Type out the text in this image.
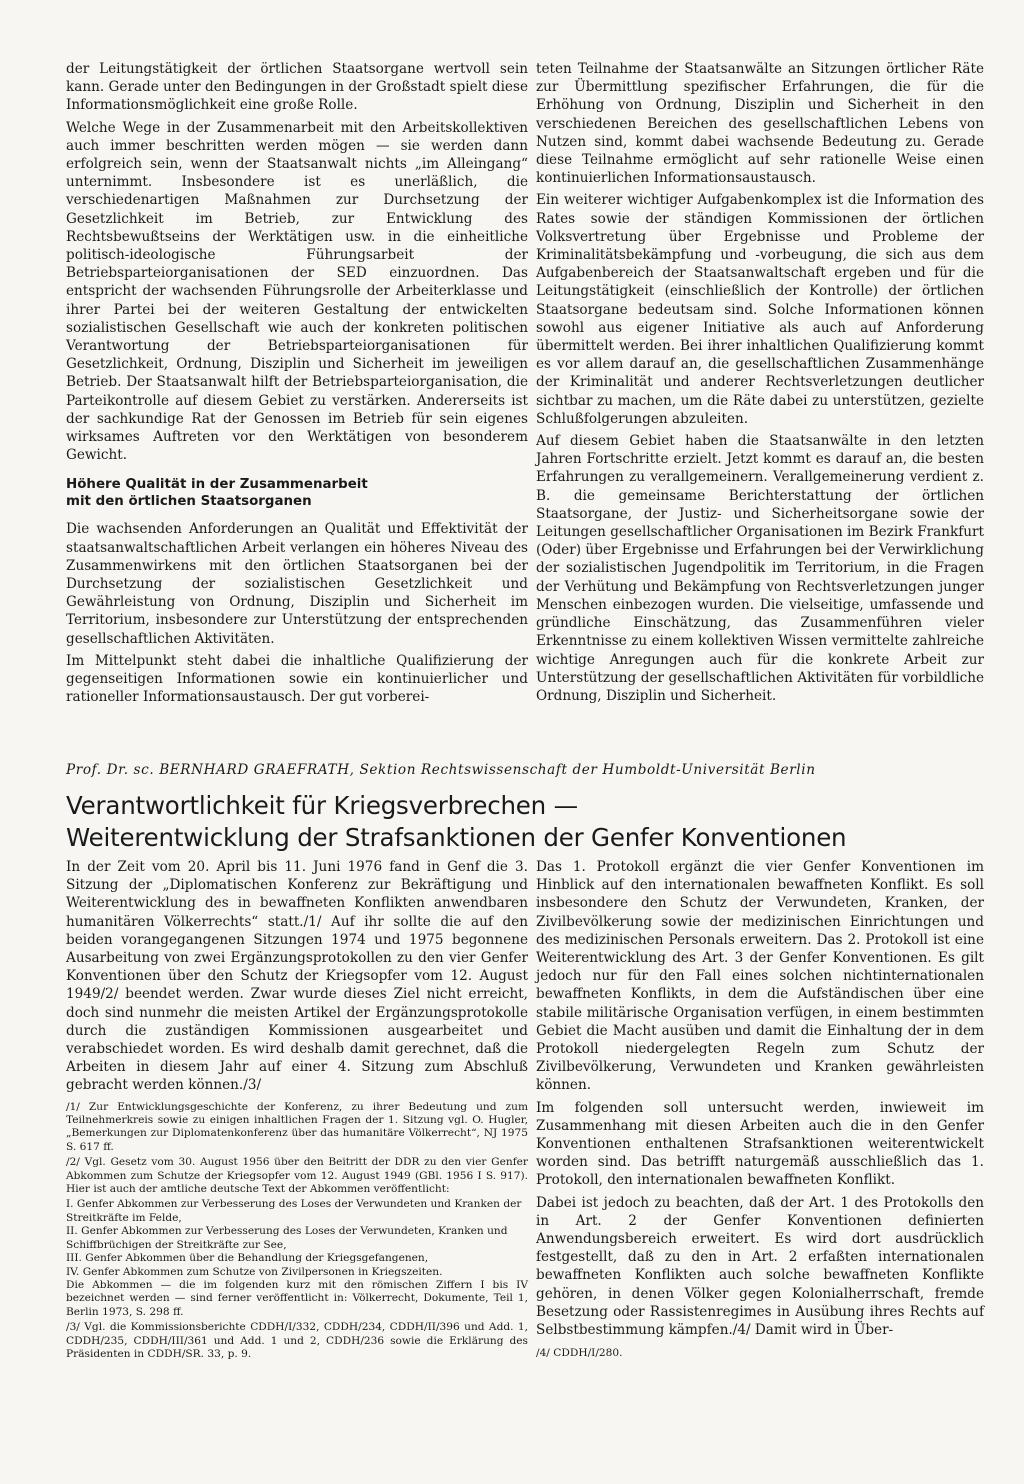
der Leitungstätigkeit der örtlichen Staatsorgane wertvoll sein kann. Gerade unter den Bedingungen in der Großstadt spielt diese Informationsmöglichkeit eine große Rolle.

Welche Wege in der Zusammenarbeit mit den Arbeitskollektiven auch immer beschritten werden mögen — sie werden dann erfolgreich sein, wenn der Staatsanwalt nichts „im Alleingang“ unternimmt. Insbesondere ist es unerläßlich, die verschiedenartigen Maßnahmen zur Durchsetzung der Gesetzlichkeit im Betrieb, zur Entwicklung des Rechtsbewußtseins der Werktätigen usw. in die einheitliche politisch-ideologische Führungsarbeit der Betriebsparteiorganisationen der SED einzuordnen. Das entspricht der wachsenden Führungsrolle der Arbeiterklasse und ihrer Partei bei der weiteren Gestaltung der entwickelten sozialistischen Gesellschaft wie auch der konkreten politischen Verantwortung der Betriebsparteiorganisationen für Gesetzlichkeit, Ordnung, Disziplin und Sicherheit im jeweiligen Betrieb. Der Staatsanwalt hilft der Betriebsparteiorganisation, die Parteikontrolle auf diesem Gebiet zu verstärken. Andererseits ist der sachkundige Rat der Genossen im Betrieb für sein eigenes wirksames Auftreten vor den Werktätigen von besonderem Gewicht.

Höhere Qualität in der Zusammenarbeit
mit den örtlichen Staatsorganen

Die wachsenden Anforderungen an Qualität und Effektivität der staatsanwaltschaftlichen Arbeit verlangen ein höheres Niveau des Zusammenwirkens mit den örtlichen Staatsorganen bei der Durchsetzung der sozialistischen Gesetzlichkeit und Gewährleistung von Ordnung, Disziplin und Sicherheit im Territorium, insbesondere zur Unterstützung der entsprechenden gesellschaftlichen Aktivitäten.

Im Mittelpunkt steht dabei die inhaltliche Qualifizierung der gegenseitigen Informationen sowie ein kontinuierlicher und rationeller Informationsaustausch. Der gut vorberei-

teten Teilnahme der Staatsanwälte an Sitzungen örtlicher Räte zur Übermittlung spezifischer Erfahrungen, die für die Erhöhung von Ordnung, Disziplin und Sicherheit in den verschiedenen Bereichen des gesellschaftlichen Lebens von Nutzen sind, kommt dabei wachsende Bedeutung zu. Gerade diese Teilnahme ermöglicht auf sehr rationelle Weise einen kontinuierlichen Informationsaustausch.

Ein weiterer wichtiger Aufgabenkomplex ist die Information des Rates sowie der ständigen Kommissionen der örtlichen Volksvertretung über Ergebnisse und Probleme der Kriminalitätsbekämpfung und -vorbeugung, die sich aus dem Aufgabenbereich der Staatsanwaltschaft ergeben und für die Leitungstätigkeit (einschließlich der Kontrolle) der örtlichen Staatsorgane bedeutsam sind. Solche Informationen können sowohl aus eigener Initiative als auch auf Anforderung übermittelt werden. Bei ihrer inhaltlichen Qualifizierung kommt es vor allem darauf an, die gesellschaftlichen Zusammenhänge der Kriminalität und anderer Rechtsverletzungen deutlicher sichtbar zu machen, um die Räte dabei zu unterstützen, gezielte Schlußfolgerungen abzuleiten.

Auf diesem Gebiet haben die Staatsanwälte in den letzten Jahren Fortschritte erzielt. Jetzt kommt es darauf an, die besten Erfahrungen zu verallgemeinern. Verallgemeinerung verdient z. B. die gemeinsame Berichterstattung der örtlichen Staatsorgane, der Justiz- und Sicherheitsorgane sowie der Leitungen gesellschaftlicher Organisationen im Bezirk Frankfurt (Oder) über Ergebnisse und Erfahrungen bei der Verwirklichung der sozialistischen Jugendpolitik im Territorium, in die Fragen der Verhütung und Bekämpfung von Rechtsverletzungen junger Menschen einbezogen wurden. Die vielseitige, umfassende und gründliche Einschätzung, das Zusammenführen vieler Erkenntnisse zu einem kollektiven Wissen vermittelte zahlreiche wichtige Anregungen auch für die konkrete Arbeit zur Unterstützung der gesellschaftlichen Aktivitäten für vorbildliche Ordnung, Disziplin und Sicherheit.

Prof. Dr. sc. BERNHARD GRAEFRATH, Sektion Rechtswissenschaft der Humboldt-Universität Berlin
Verantwortlichkeit für Kriegsverbrechen —
Weiterentwicklung der Strafsanktionen der Genfer Konventionen

In der Zeit vom 20. April bis 11. Juni 1976 fand in Genf die 3. Sitzung der „Diplomatischen Konferenz zur Bekräftigung und Weiterentwicklung des in bewaffneten Konflikten anwendbaren humanitären Völkerrechts“ statt./1/ Auf ihr sollte die auf den beiden vorangegangenen Sitzungen 1974 und 1975 begonnene Ausarbeitung von zwei Ergänzungsprotokollen zu den vier Genfer Konventionen über den Schutz der Kriegsopfer vom 12. August 1949/2/ beendet werden. Zwar wurde dieses Ziel nicht erreicht, doch sind nunmehr die meisten Artikel der Ergänzungsprotokolle durch die zuständigen Kommissionen ausgearbeitet und verabschiedet worden. Es wird deshalb damit gerechnet, daß die Arbeiten in diesem Jahr auf einer 4. Sitzung zum Abschluß gebracht werden können./3/

/1/ Zur Entwicklungsgeschichte der Konferenz, zu ihrer Bedeutung und zum Teilnehmerkreis sowie zu einigen inhaltlichen Fragen der 1. Sitzung vgl. O. Hugler, „Bemerkungen zur Diplomatenkonferenz über das humanitäre Völkerrecht“, NJ 1975 S. 617 ff.

/2/ Vgl. Gesetz vom 30. August 1956 über den Beitritt der DDR zu den vier Genfer Abkommen zum Schutze der Kriegsopfer vom 12. August 1949 (GBl. 1956 I S. 917). Hier ist auch der amtliche deutsche Text der Abkommen veröffentlicht:

I. Genfer Abkommen zur Verbesserung des Loses der Verwundeten und Kranken der Streitkräfte im Felde,
II. Genfer Abkommen zur Verbesserung des Loses der Verwundeten, Kranken und Schiffbrüchigen der Streitkräfte zur See,
III. Genfer Abkommen über die Behandlung der Kriegsgefangenen,
IV. Genfer Abkommen zum Schutze von Zivilpersonen in Kriegszeiten.

Die Abkommen — die im folgenden kurz mit den römischen Ziffern I bis IV bezeichnet werden — sind ferner veröffentlicht in: Völkerrecht, Dokumente, Teil 1, Berlin 1973, S. 298 ff.

/3/ Vgl. die Kommissionsberichte CDDH/I/332, CDDH/234, CDDH/II/396 und Add. 1, CDDH/235, CDDH/III/361 und Add. 1 und 2, CDDH/236 sowie die Erklärung des Präsidenten in CDDH/SR. 33, p. 9.

Das 1. Protokoll ergänzt die vier Genfer Konventionen im Hinblick auf den internationalen bewaffneten Konflikt. Es soll insbesondere den Schutz der Verwundeten, Kranken, der Zivilbevölkerung sowie der medizinischen Einrichtungen und des medizinischen Personals erweitern. Das 2. Protokoll ist eine Weiterentwicklung des Art. 3 der Genfer Konventionen. Es gilt jedoch nur für den Fall eines solchen nichtinternationalen bewaffneten Konflikts, in dem die Aufständischen über eine stabile militärische Organisation verfügen, in einem bestimmten Gebiet die Macht ausüben und damit die Einhaltung der in dem Protokoll niedergelegten Regeln zum Schutz der Zivilbevölkerung, Verwundeten und Kranken gewährleisten können.

Im folgenden soll untersucht werden, inwieweit im Zusammenhang mit diesen Arbeiten auch die in den Genfer Konventionen enthaltenen Strafsanktionen weiterentwickelt worden sind. Das betrifft naturgemäß ausschließlich das 1. Protokoll, den internationalen bewaffneten Konflikt.

Dabei ist jedoch zu beachten, daß der Art. 1 des Protokolls den in Art. 2 der Genfer Konventionen definierten Anwendungsbereich erweitert. Es wird dort ausdrücklich festgestellt, daß zu den in Art. 2 erfaßten internationalen bewaffneten Konflikten auch solche bewaffneten Konflikte gehören, in denen Völker gegen Kolonialherrschaft, fremde Besetzung oder Rassistenregimes in Ausübung ihres Rechts auf Selbstbestimmung kämpfen./4/ Damit wird in Über-

/4/ CDDH/I/280.
